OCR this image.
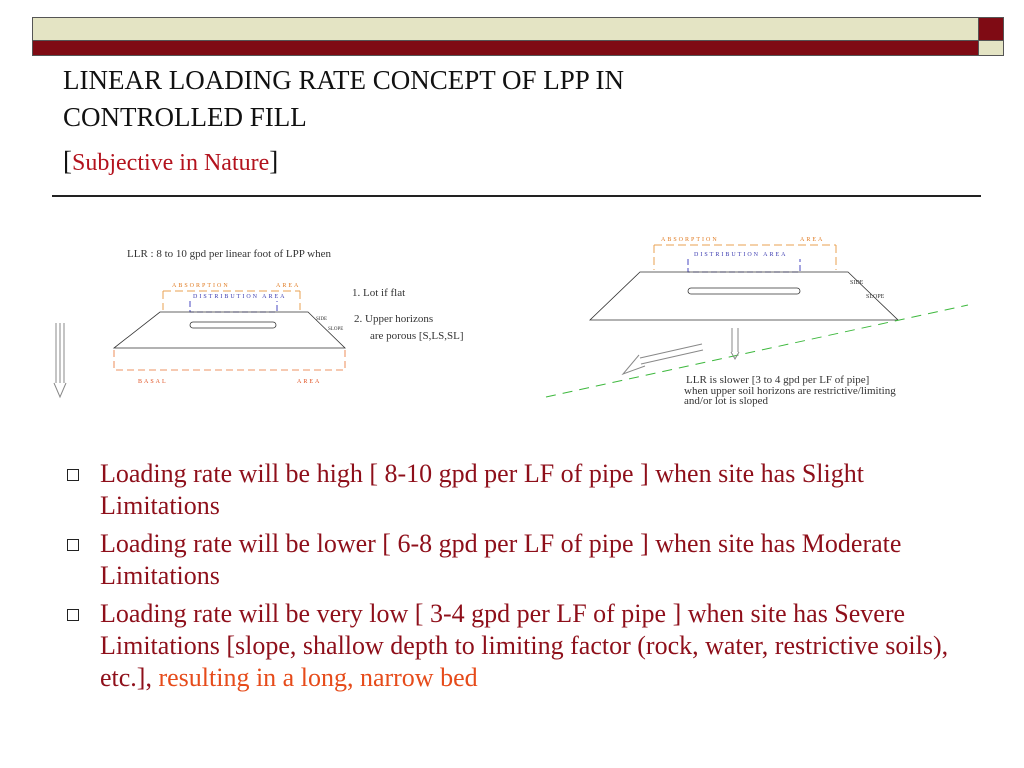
LINEAR LOADING RATE CONCEPT OF LPP IN
CONTROLLED FILL
[Subjective in Nature]
LLR : 8 to 10 gpd per linear foot of LPP when
ABSORPTION	AREA
DISTRIBUTION AREA
SIDE
SLOPE
BASAL	AREA
1. Lot if flat
2. Upper horizons
are porous [S,LS,SL]
ABSORPTION	AREA
DISTRIBUTION AREA
SIDE
SLOPE
LLR is slower [3 to 4 gpd per LF of pipe]
when upper soil horizons are restrictive/limiting
and/or lot is sloped
Loading rate will be high [ 8-10 gpd per LF of pipe ] when site has Slight Limitations
Loading rate will be lower [ 6-8 gpd per LF of pipe ] when site has Moderate Limitations
Loading rate will be very low [ 3-4 gpd per LF of pipe ] when site has Severe Limitations [slope, shallow depth to limiting factor (rock, water, restrictive soils), etc.], resulting in a long, narrow bed
